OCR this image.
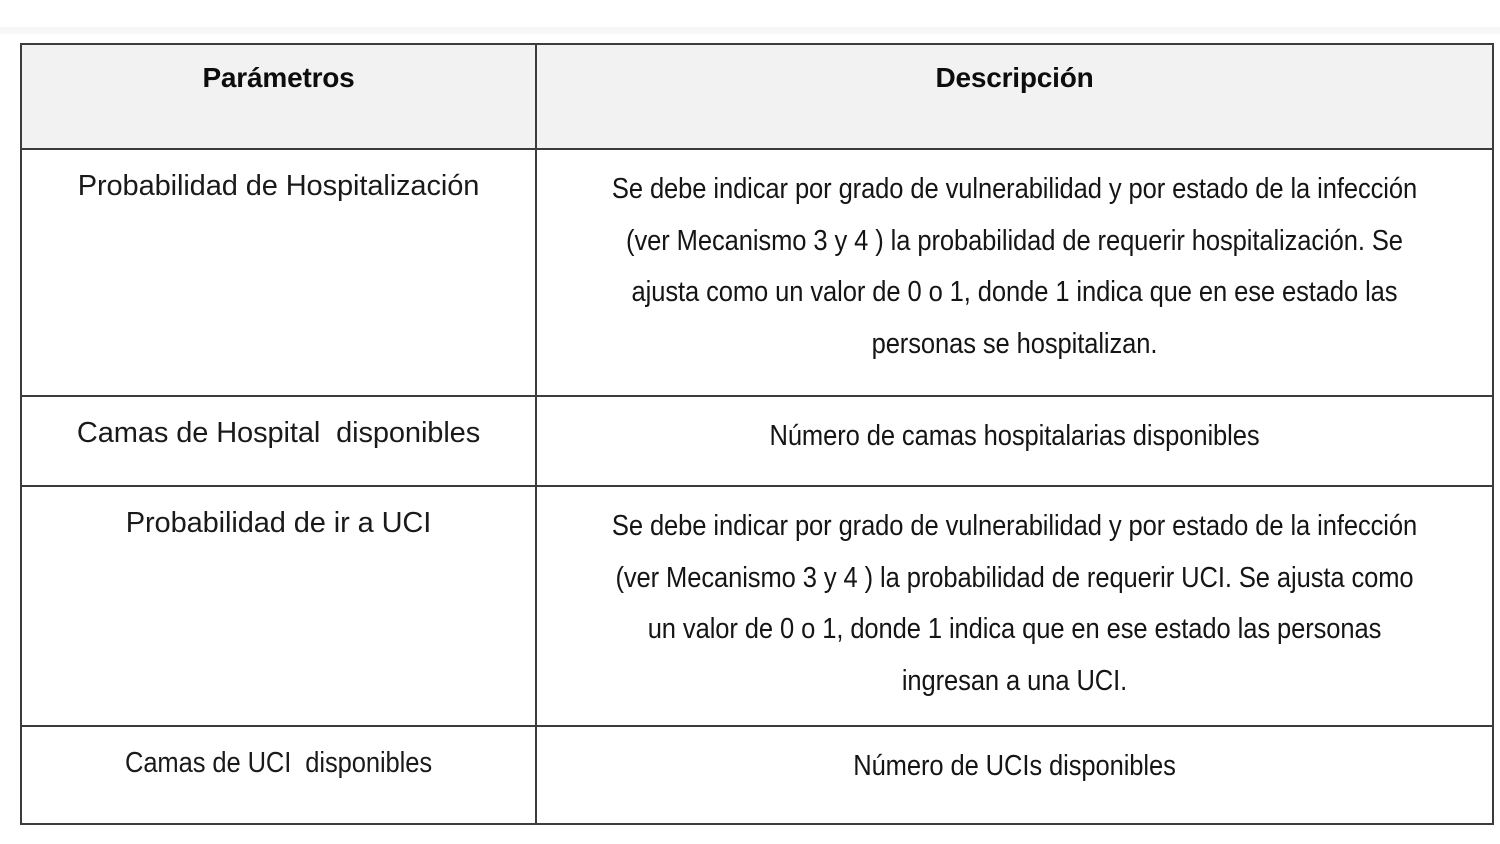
Parámetros	Descripción

Probabilidad de Hospitalización	Se debe indicar por grado de vulnerabilidad y por estado de la infección (ver Mecanismo 3 y 4 ) la probabilidad de requerir hospitalización. Se ajusta como un valor de 0 o 1, donde 1 indica que en ese estado las personas se hospitalizan.

Camas de Hospital  disponibles	Número de camas hospitalarias disponibles

Probabilidad de ir a UCI	Se debe indicar por grado de vulnerabilidad y por estado de la infección (ver Mecanismo 3 y 4 ) la probabilidad de requerir UCI. Se ajusta como un valor de 0 o 1, donde 1 indica que en ese estado las personas ingresan a una UCI.

Camas de UCI  disponibles	Número de UCIs disponibles
